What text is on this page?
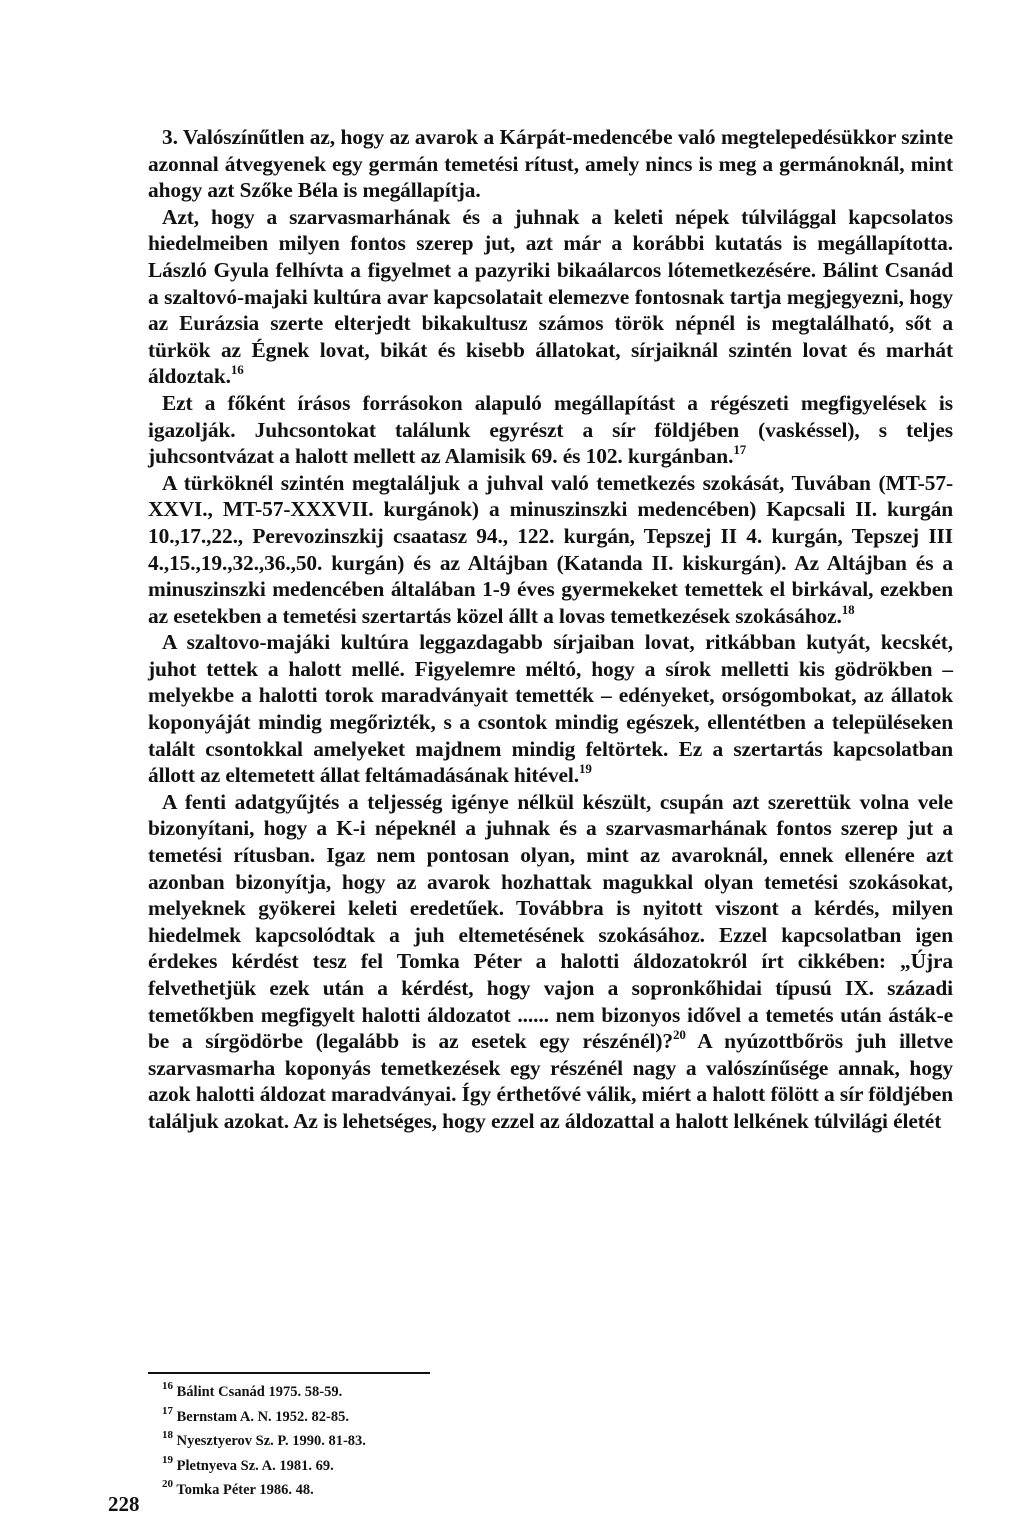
3. Valószínűtlen az, hogy az avarok a Kárpát-medencébe való megtelepedésükkor szinte azonnal átvegyenek egy germán temetési rítust, amely nincs is meg a germánoknál, mint ahogy azt Szőke Béla is megállapítja.

Azt, hogy a szarvasmarhának és a juhnak a keleti népek túlvilággal kapcsolatos hiedelmeiben milyen fontos szerep jut, azt már a korábbi kutatás is megállapította. László Gyula felhívta a figyelmet a pazyriki bikaálarcos lótemetkezésére. Bálint Csanád a szaltovó-majaki kultúra avar kapcsolatait elemezve fontosnak tartja megjegyezni, hogy az Eurázsia szerte elterjedt bikakultusz számos török népnél is megtalálható, sőt a türkök az Égnek lovat, bikát és kisebb állatokat, sírjaiknál szintén lovat és marhát áldoztak.$^{16}$

Ezt a főként írásos forrásokon alapuló megállapítást a régészeti megfigyelések is igazolják. Juhcsontokat találunk egyrészt a sír földjében (vaskéssel), s teljes juhcsontvázat a halott mellett az Alamisik 69. és 102. kurgánban.$^{17}$

A türköknél szintén megtaláljuk a juhval való temetkezés szokását, Tuvában (MT-57-XXVI., MT-57-XXXVII. kurgánok) a minuszinszki medencében) Kapcsali II. kurgán 10.,17.,22., Perevozinszkij csaatasz 94., 122. kurgán, Tepszej II 4. kurgán, Tepszej III 4.,15.,19.,32.,36.,50. kurgán) és az Altájban (Katanda II. kiskurgán). Az Altájban és a minuszinszki medencében általában 1-9 éves gyermekeket temettek el birkával, ezekben az esetekben a temetési szertartás közel állt a lovas temetkezések szokásához.$^{18}$

A szaltovo-majáki kultúra leggazdagabb sírjaiban lovat, ritkábban kutyát, kecskét, juhot tettek a halott mellé. Figyelemre méltó, hogy a sírok melletti kis gödrökben – melyekbe a halotti torok maradványait temették – edényeket, orsógombokat, az állatok koponyáját mindig megőrizték, s a csontok mindig egészek, ellentétben a településeken talált csontokkal amelyeket majdnem mindig feltörtek. Ez a szertartás kapcsolatban állott az eltemetett állat feltámadásának hitével.$^{19}$

A fenti adatgyűjtés a teljesség igénye nélkül készült, csupán azt szerettük volna vele bizonyítani, hogy a K-i népeknél a juhnak és a szarvasmarhának fontos szerep jut a temetési rítusban. Igaz nem pontosan olyan, mint az avaroknál, ennek ellenére azt azonban bizonyítja, hogy az avarok hozhattak magukkal olyan temetési szokásokat, melyeknek gyökerei keleti eredetűek. Továbbra is nyitott viszont a kérdés, milyen hiedelmek kapcsolódtak a juh eltemetésének szokásához. Ezzel kapcsolatban igen érdekes kérdést tesz fel Tomka Péter a halotti áldozatokról írt cikkében: „Újra felvethetjük ezek után a kérdést, hogy vajon a sopronkőhidai típusú IX. századi temetőkben megfigyelt halotti áldozatot ...... nem bizonyos idővel a temetés után ásták-e be a sírgödörbe (legalább is az esetek egy részénél)?$^{20}$ A nyúzottbőrös juh illetve szarvasmarha koponyás temetkezések egy részénél nagy a valószínűsége annak, hogy azok halotti áldozat maradványai. Így érthetővé válik, miért a halott fölött a sír földjében találjuk azokat. Az is lehetséges, hogy ezzel az áldozattal a halott lelkének túlvilági életét

$^{16}$ Bálint Csanád 1975. 58-59.
$^{17}$ Bernstam A. N. 1952. 82-85.
$^{18}$ Nyesztyerov Sz. P. 1990. 81-83.
$^{19}$ Pletnyeva Sz. A. 1981. 69.
$^{20}$ Tomka Péter 1986. 48.
228
